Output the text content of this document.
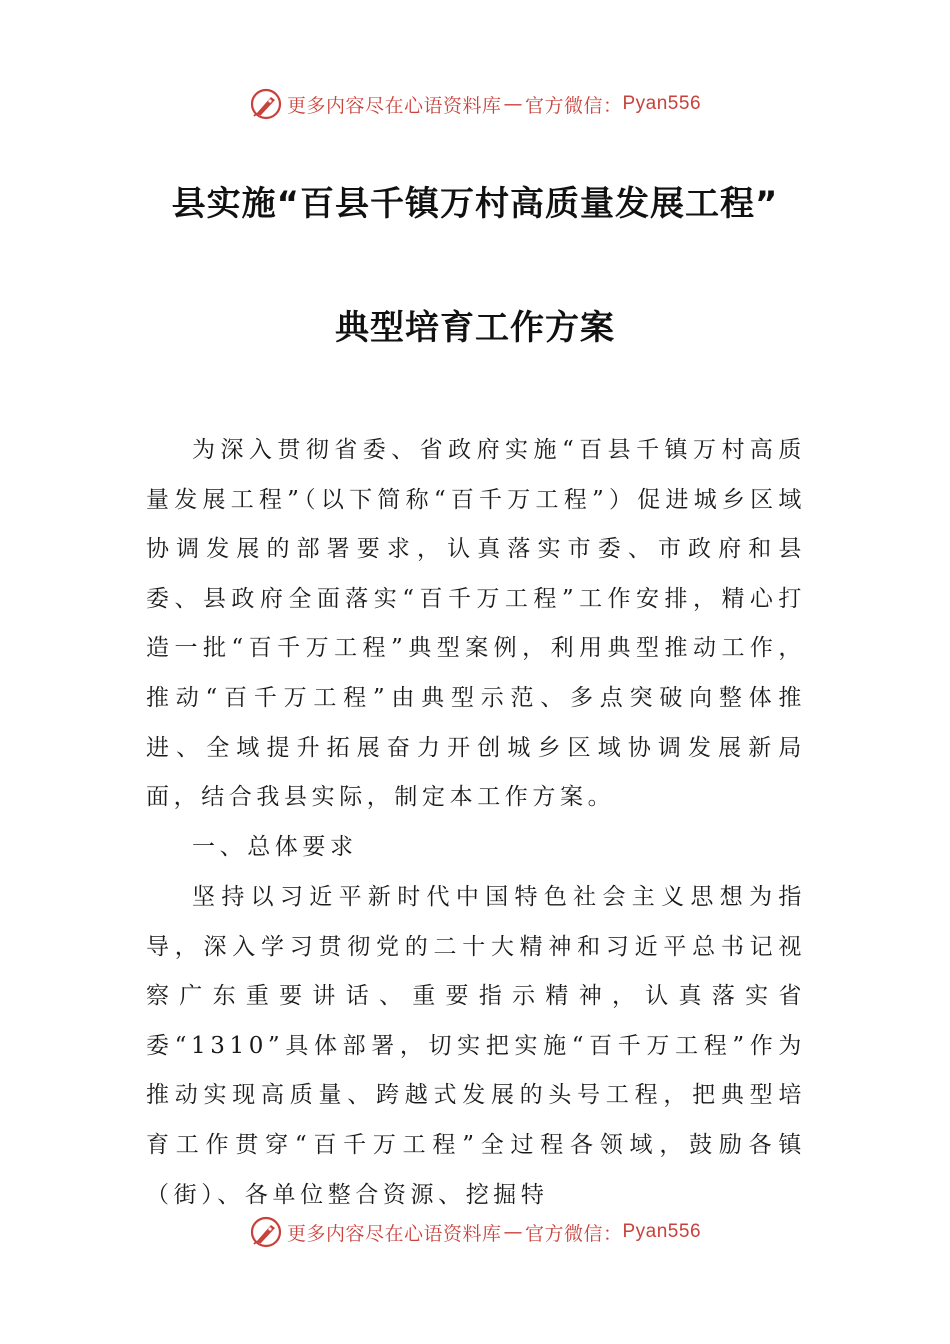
更多内容尽在心语资料库 — 官方微信： Pyan556
县实施“百县千镇万村高质量发展工程”
典型培育工作方案

为深入贯彻省委、省政府实施“百县千镇万村高质量发展工程”（以下简称“百千万工程”）促进城乡区域协调发展的部署要求，认真落实市委、市政府和县委、县政府全面落实“百千万工程”工作安排，精心打造一批“百千万工程”典型案例，利用典型推动工作，推动“百千万工程”由典型示范、多点突破向整体推进、全域提升拓展奋力开创城乡区域协调发展新局面，结合我县实际，制定本工作方案。

一、总体要求

坚持以习近平新时代中国特色社会主义思想为指导，深入学习贯彻党的二十大精神和习近平总书记视察广东重要讲话、重要指示精神，认真落实省委“1310”具体部署，切实把实施“百千万工程”作为推动实现高质量、跨越式发展的头号工程，把典型培育工作贯穿“百千万工程”全过程各领域，鼓励各镇（街）、各单位整合资源、挖掘特

更多内容尽在心语资料库 — 官方微信： Pyan556
